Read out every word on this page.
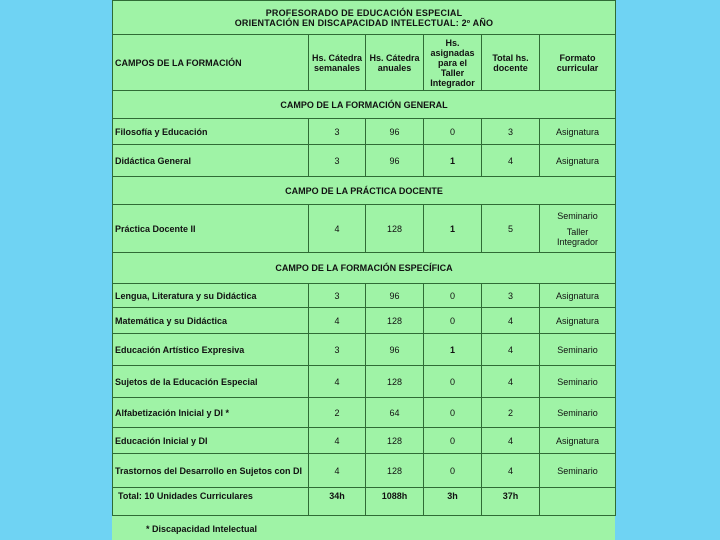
PROFESORADO DE EDUCACIÓN ESPECIAL
ORIENTACIÓN EN DISCAPACIDAD INTELECTUAL: 2º AÑO					

CAMPOS DE LA FORMACIÓN	Hs. Cátedra semanales	Hs. Cátedra anuales	Hs. asignadas para el Taller Integrador	Total hs. docente	Formato curricular
CAMPO DE LA FORMACIÓN GENERAL					
Filosofía y Educación	3	96	0	3	Asignatura
Didáctica General	3	96	1	4	Asignatura
CAMPO DE LA PRÁCTICA DOCENTE					
Práctica Docente II	4	128	1	5	Seminario
Taller Integrador

CAMPO DE LA FORMACIÓN ESPECÍFICA					
Lengua, Literatura y su Didáctica	3	96	0	3	Asignatura
Matemática y su Didáctica	4	128	0	4	Asignatura
Educación Artístico Expresiva	3	96	1	4	Seminario
Sujetos de la Educación Especial	4	128	0	4	Seminario
Alfabetización Inicial y DI *	2	64	0	2	Seminario
Educación Inicial y DI	4	128	0	4	Asignatura
Trastornos del Desarrollo en Sujetos con DI	4	128	0	4	Seminario
Total: 10 Unidades Curriculares	34h	1088h	3h	37h	
* Discapacidad Intelectual
